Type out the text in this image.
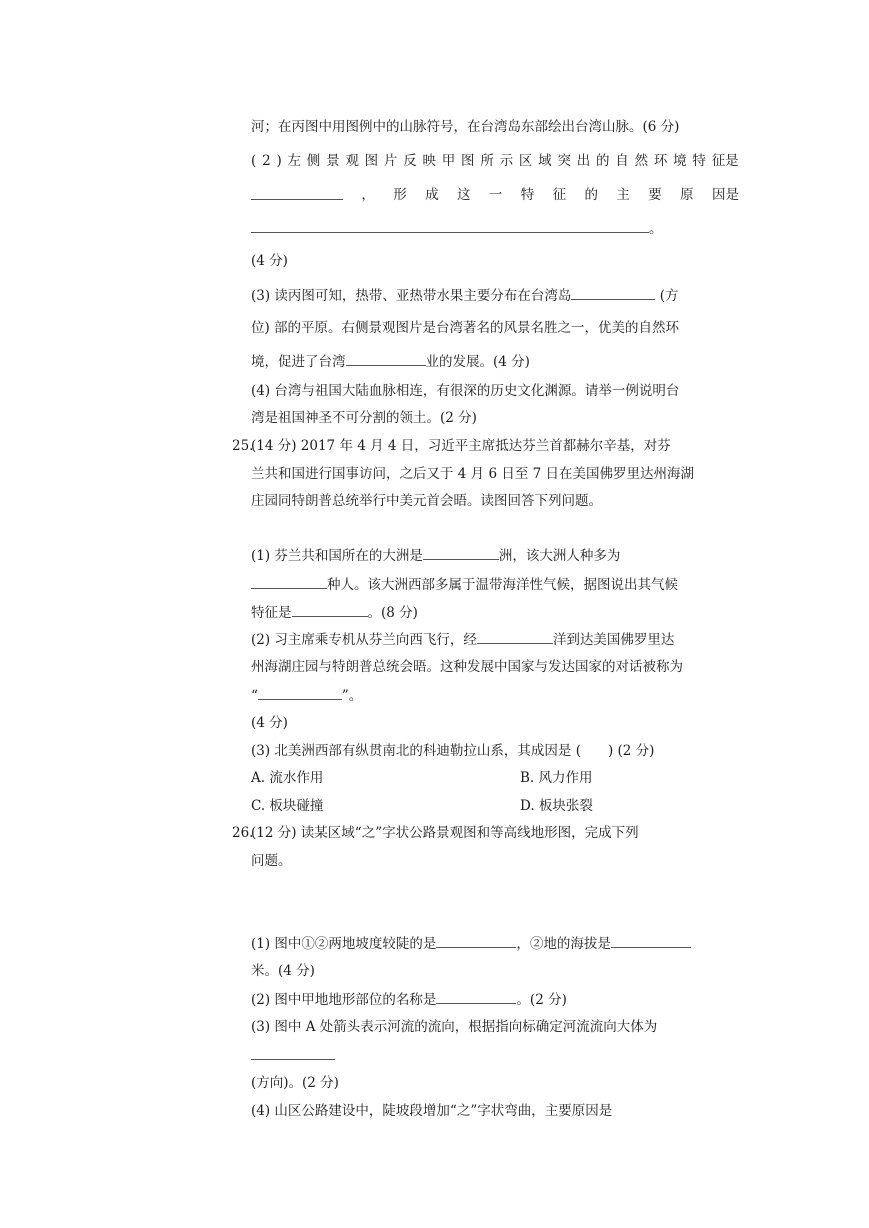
河；在丙图中用图例中的山脉符号，在台湾岛东部绘出台湾山脉。(6 分)
( 2 ) 左 侧 景 观 图 片 反 映 甲 图 所 示 区 域 突 出 的 自 然 环 境 特 征是
， 形 成 这 一 特 征 的 主 要 原 因是
。
(4 分)
(3) 读丙图可知，热带、亚热带水果主要分布在台湾岛	(方
位) 部的平原。右侧景观图片是台湾著名的风景名胜之一，优美的自然环
境，促进了台湾	业的发展。(4 分)
(4) 台湾与祖国大陆血脉相连，有很深的历史文化渊源。请举一例说明台
湾是祖国神圣不可分割的领土。(2 分)
25.
(14 分) 2017 年 4 月 4 日，习近平主席抵达芬兰首都赫尔辛基，对芬
兰共和国进行国事访问，之后又于 4 月 6 日至 7 日在美国佛罗里达州海湖
庄园同特朗普总统举行中美元首会晤。读图回答下列问题。
(1) 芬兰共和国所在的大洲是	洲，该大洲人种多为
种人。该大洲西部多属于温带海洋性气候，据图说出其气候
特征是	。(8 分)
(2) 习主席乘专机从芬兰向西飞行，经	洋到达美国佛罗里达
州海湖庄园与特朗普总统会晤。这种发展中国家与发达国家的对话被称为
“	”。
(4 分)
(3) 北美洲西部有纵贯南北的科迪勒拉山系，其成因是 (　　) (2 分)
A. 流水作用	B. 风力作用
C. 板块碰撞	D. 板块张裂
26.
(12 分) 读某区域“之”字状公路景观图和等高线地形图，完成下列
问题。
(1) 图中①②两地坡度较陡的是	，②地的海拔是
米。(4 分)
(2) 图中甲地地形部位的名称是	。(2 分)
(3) 图中 A 处箭头表示河流的流向，根据指向标确定河流流向大体为
(方向)。(2 分)
(4) 山区公路建设中，陡坡段增加“之”字状弯曲，主要原因是
